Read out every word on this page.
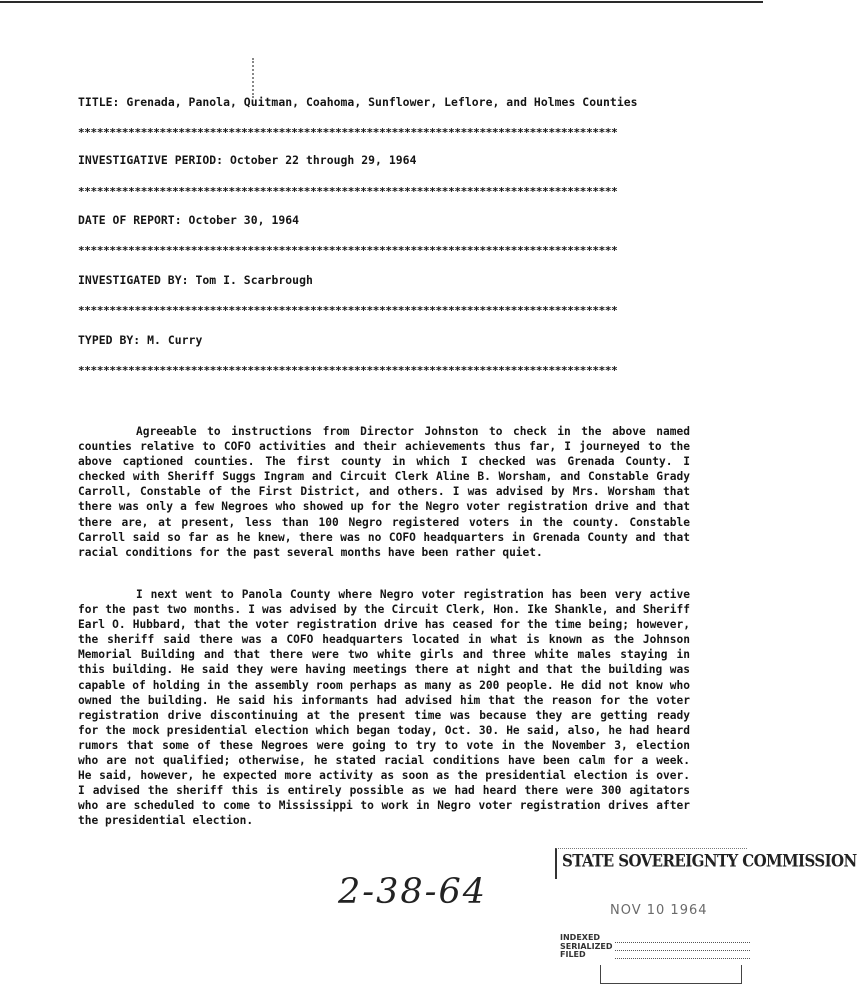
TITLE: Grenada, Panola, Quitman, Coahoma, Sunflower, Leflore, and Holmes Counties
**************************************************************************************
INVESTIGATIVE PERIOD: October 22 through 29, 1964
**************************************************************************************
DATE OF REPORT: October 30, 1964
**************************************************************************************
INVESTIGATED BY: Tom I. Scarbrough
**************************************************************************************
TYPED BY: M. Curry
**************************************************************************************

Agreeable to instructions from Director Johnston to check in the above named counties relative to COFO activities and their achievements thus far, I journeyed to the above captioned counties. The first county in which I checked was Grenada County. I checked with Sheriff Suggs Ingram and Circuit Clerk Aline B. Worsham, and Constable Grady Carroll, Constable of the First District, and others. I was advised by Mrs. Worsham that there was only a few Negroes who showed up for the Negro voter registration drive and that there are, at present, less than 100 Negro registered voters in the county. Constable Carroll said so far as he knew, there was no COFO headquarters in Grenada County and that racial conditions for the past several months have been rather quiet.

I next went to Panola County where Negro voter registration has been very active for the past two months. I was advised by the Circuit Clerk, Hon. Ike Shankle, and Sheriff Earl O. Hubbard, that the voter registration drive has ceased for the time being; however, the sheriff said there was a COFO headquarters located in what is known as the Johnson Memorial Building and that there were two white girls and three white males staying in this building. He said they were having meetings there at night and that the building was capable of holding in the assembly room perhaps as many as 200 people. He did not know who owned the building. He said his informants had advised him that the reason for the voter registration drive discontinuing at the present time was because they are getting ready for the mock presidential election which began today, Oct. 30. He said, also, he had heard rumors that some of these Negroes were going to try to vote in the November 3, election who are not qualified; otherwise, he stated racial conditions have been calm for a week. He said, however, he expected more activity as soon as the presidential election is over. I advised the sheriff this is entirely possible as we had heard there were 300 agitators who are scheduled to come to Mississippi to work in Negro voter registration drives after the presidential election.

STATE SOVEREIGNTY COMMISSION
2-38-64	NOV 10 1964
INDEXED
SERIALIZED
FILED
